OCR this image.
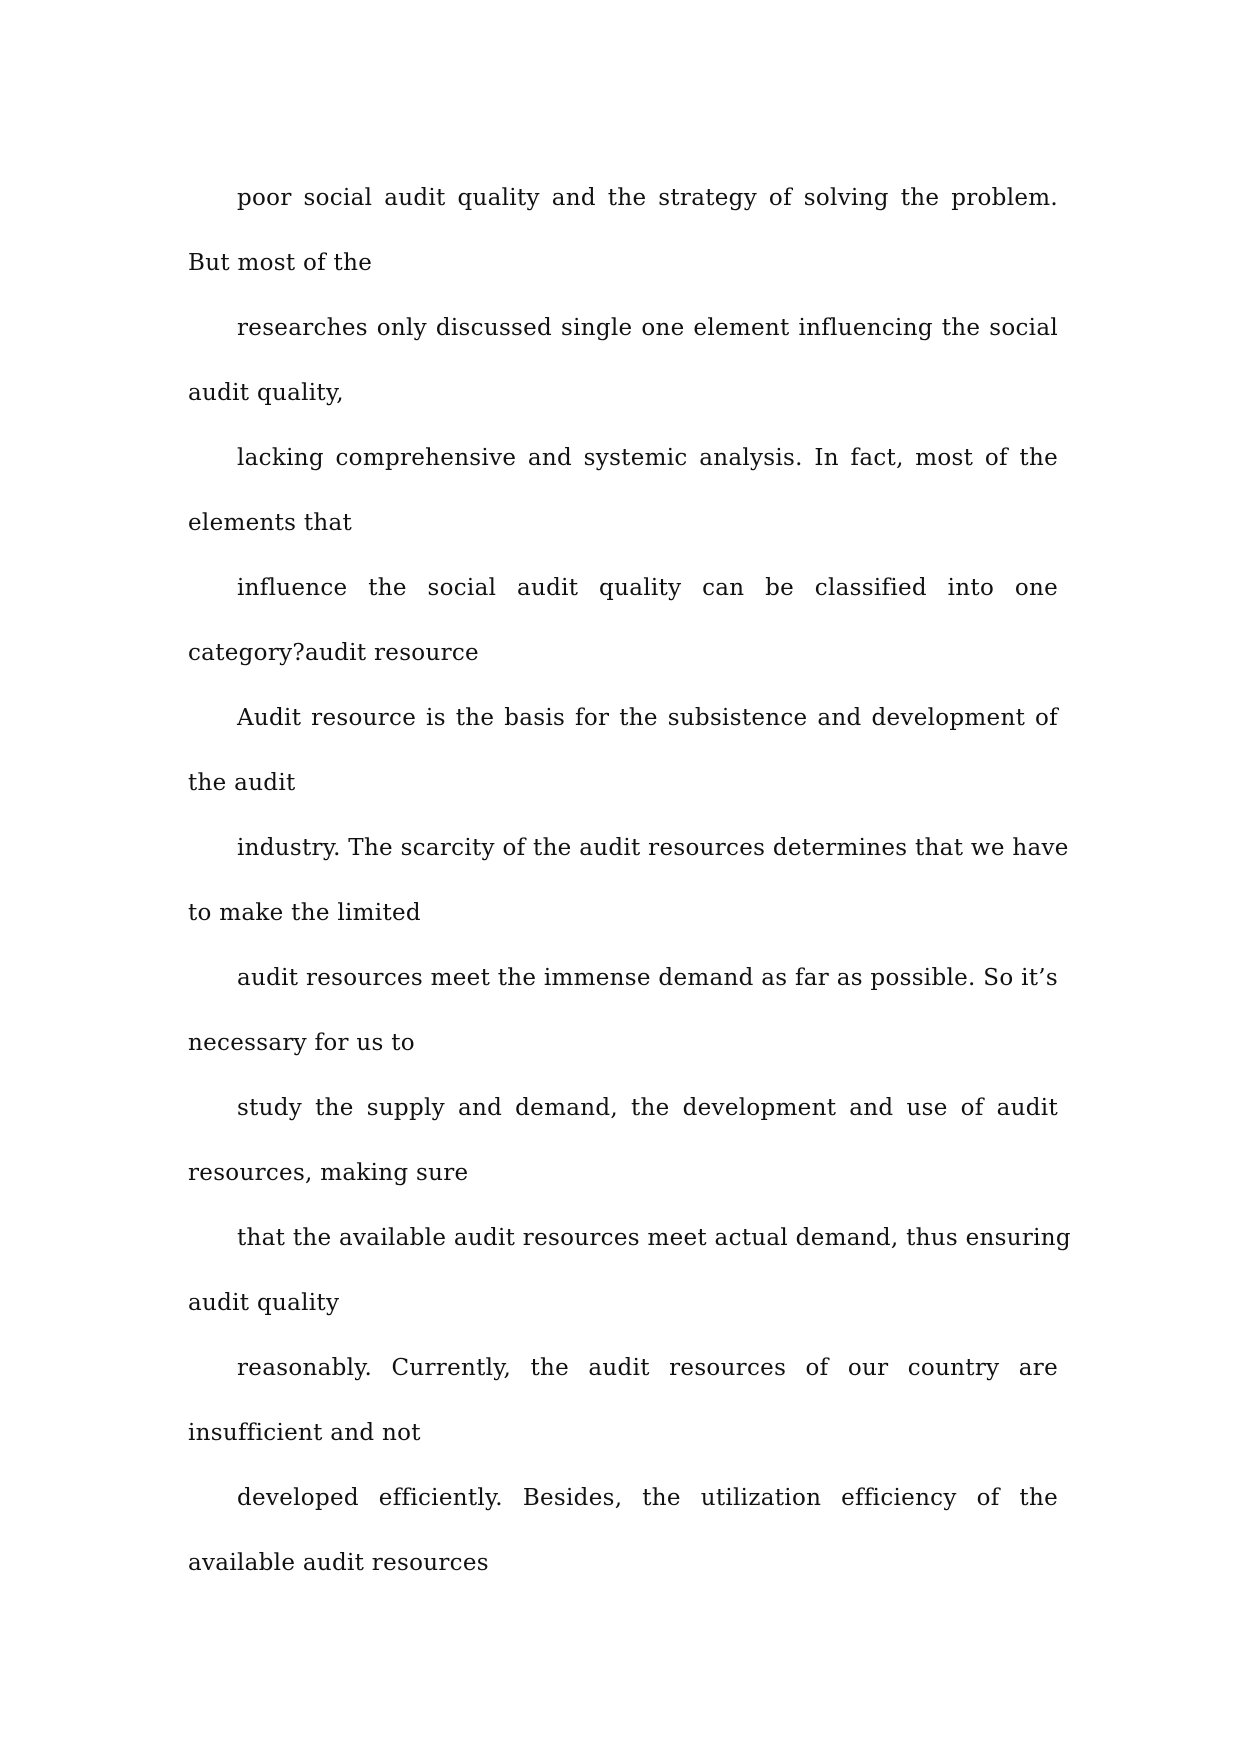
poor social audit quality and the strategy of solving the problem.
But most of the
researches only discussed single one element influencing the social
audit quality,
lacking comprehensive and systemic analysis. In fact, most of the
elements that
influence the social audit quality can be classified into one
category?audit resource
Audit resource is the basis for the subsistence and development of
the audit
industry. The scarcity of the audit resources determines that we have
to make the limited
audit resources meet the immense demand as far as possible. So it’s
necessary for us to
study the supply and demand, the development and use of audit
resources, making sure
that the available audit resources meet actual demand, thus ensuring
audit quality
reasonably. Currently, the audit resources of our country are
insufficient and not
developed efficiently. Besides, the utilization efficiency of the
available audit resources
